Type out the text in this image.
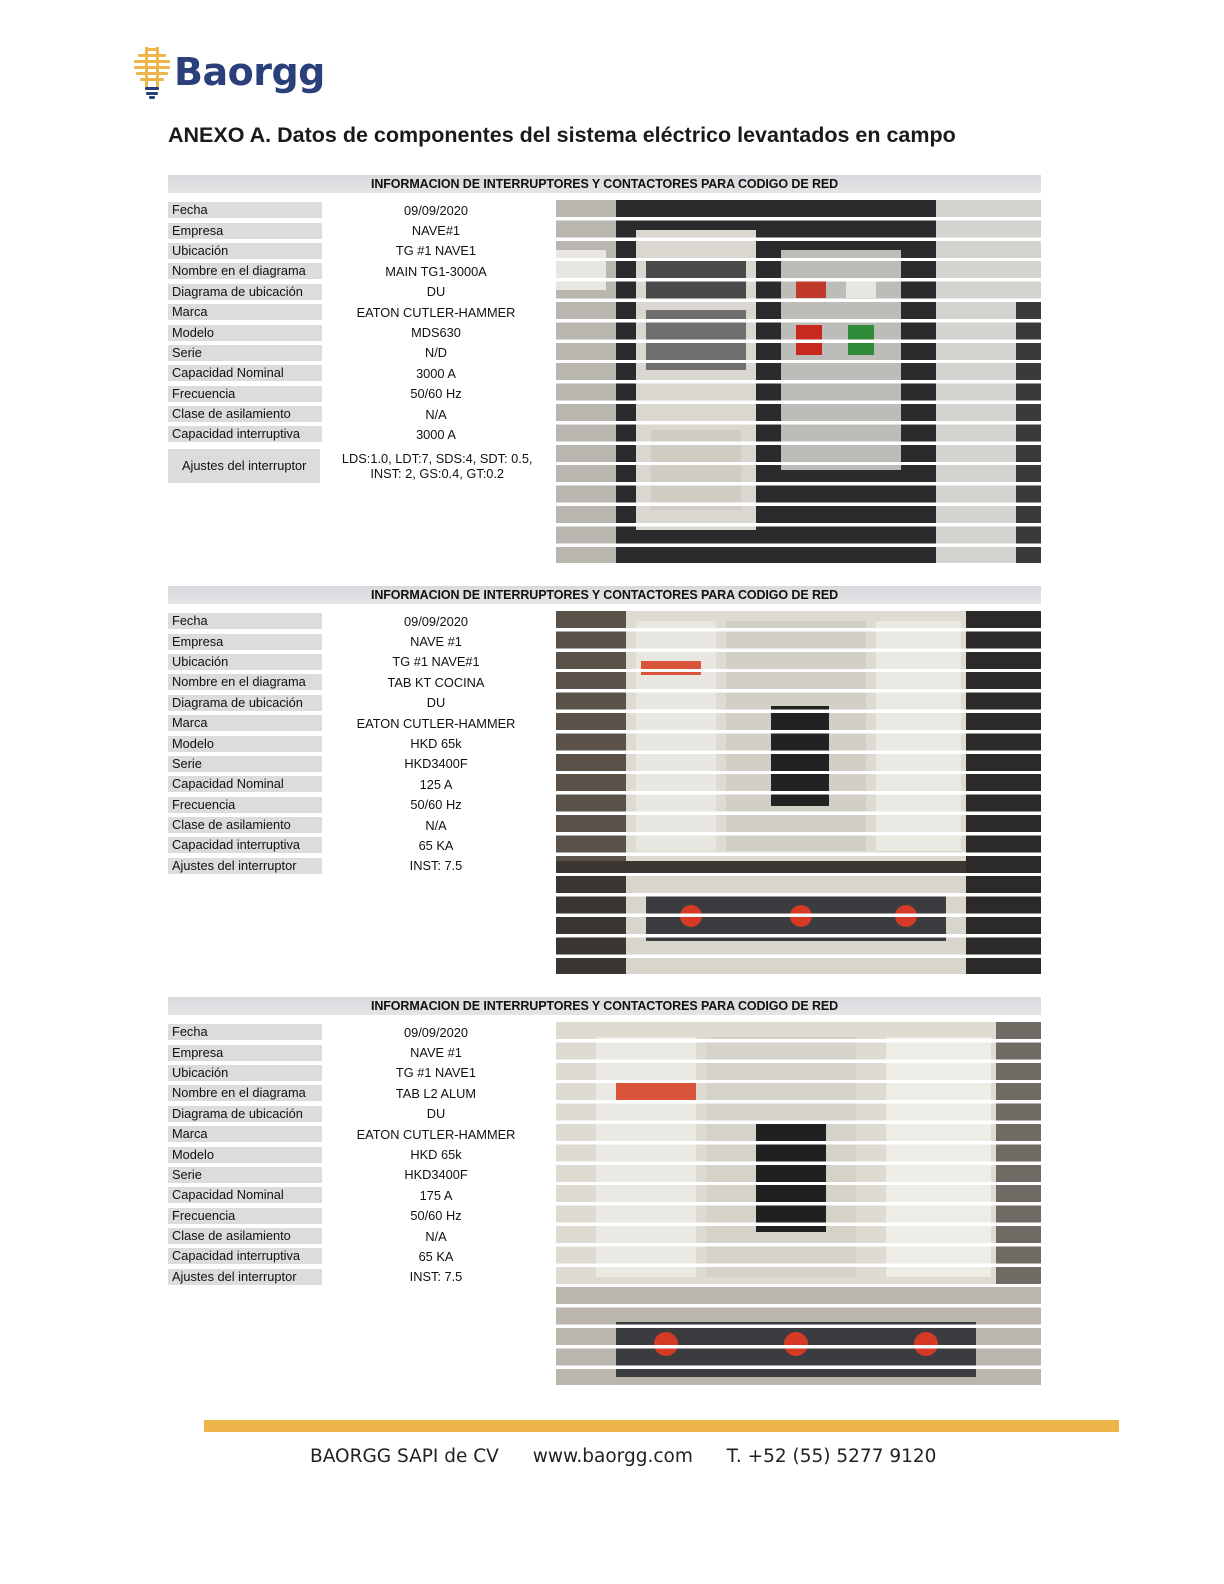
Baorgg
ANEXO A. Datos de componentes del sistema eléctrico levantados en campo
INFORMACION DE INTERRUPTORES Y CONTACTORES PARA CODIGO DE RED
Fecha	09/09/2020
Empresa	NAVE#1
Ubicación	TG #1 NAVE1
Nombre en el diagrama	MAIN TG1-3000A
Diagrama de ubicación	DU
Marca	EATON CUTLER-HAMMER
Modelo	MDS630
Serie	N/D
Capacidad Nominal	3000 A
Frecuencia	50/60 Hz
Clase de asilamiento	N/A
Capacidad interruptiva	3000 A
Ajustes del interruptor	LDS:1.0, LDT:7, SDS:4, SDT: 0.5, INST: 2, GS:0.4, GT:0.2
INFORMACION DE INTERRUPTORES Y CONTACTORES PARA CODIGO DE RED
Fecha	09/09/2020
Empresa	NAVE #1
Ubicación	TG #1 NAVE#1
Nombre en el diagrama	TAB KT COCINA
Diagrama de ubicación	DU
Marca	EATON CUTLER-HAMMER
Modelo	HKD 65k
Serie	HKD3400F
Capacidad Nominal	125 A
Frecuencia	50/60 Hz
Clase de asilamiento	N/A
Capacidad interruptiva	65 KA
Ajustes del interruptor	INST: 7.5
INFORMACION DE INTERRUPTORES Y CONTACTORES PARA CODIGO DE RED
Fecha	09/09/2020
Empresa	NAVE #1
Ubicación	TG #1 NAVE1
Nombre en el diagrama	TAB L2 ALUM
Diagrama de ubicación	DU
Marca	EATON CUTLER-HAMMER
Modelo	HKD 65k
Serie	HKD3400F
Capacidad Nominal	175 A
Frecuencia	50/60 Hz
Clase de asilamiento	N/A
Capacidad interruptiva	65 KA
Ajustes del interruptor	INST: 7.5
BAORGG SAPI de CV www.baorgg.com T. +52 (55) 5277 9120
